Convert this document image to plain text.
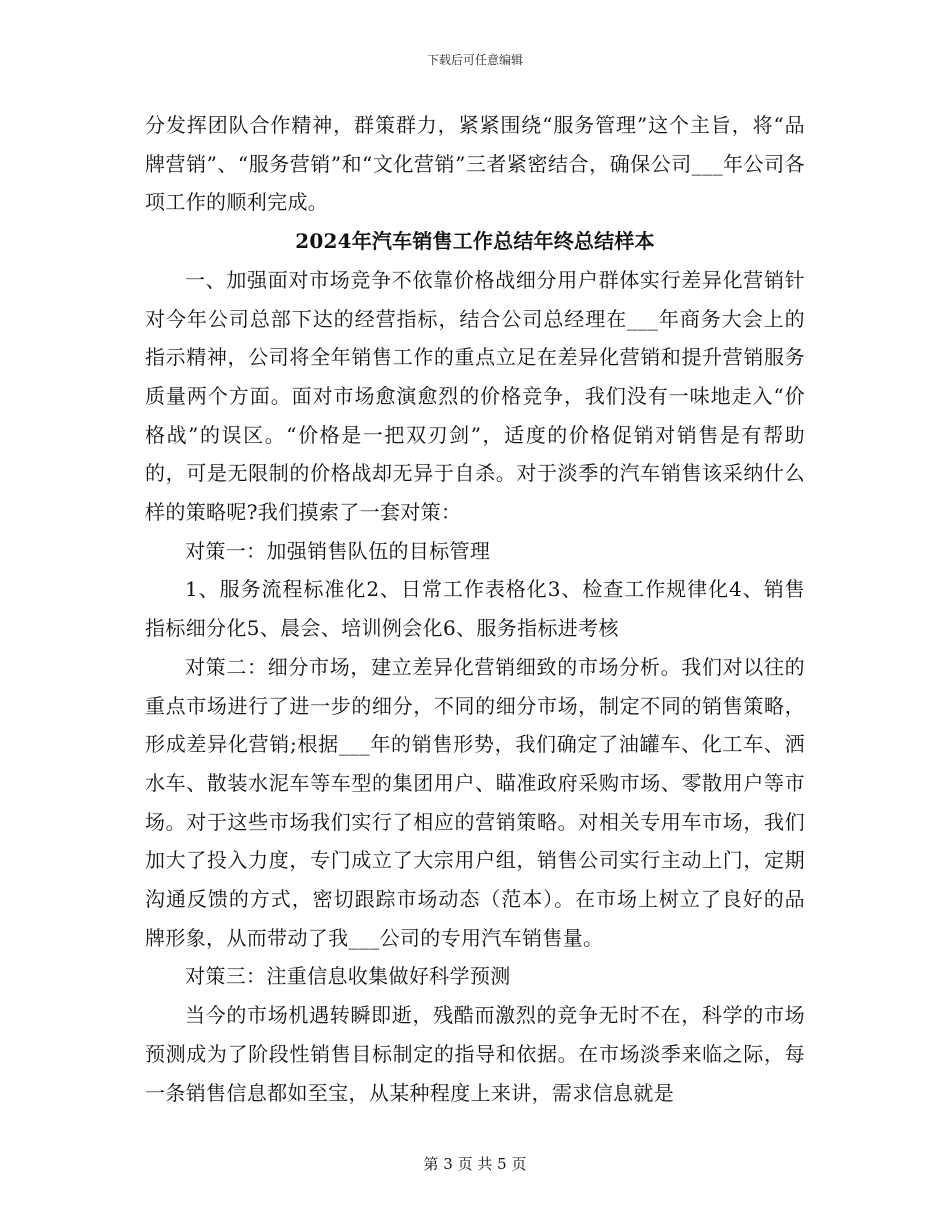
下载后可任意编辑

分发挥团队合作精神，群策群力，紧紧围绕“服务管理”这个主旨，将“品牌营销”、“服务营销”和“文化营销”三者紧密结合，确保公司___年公司各项工作的顺利完成。

2024年汽车销售工作总结年终总结样本

一、加强面对市场竞争不依靠价格战细分用户群体实行差异化营销针对今年公司总部下达的经营指标，结合公司总经理在___年商务大会上的指示精神，公司将全年销售工作的重点立足在差异化营销和提升营销服务质量两个方面。面对市场愈演愈烈的价格竞争，我们没有一味地走入“价格战”的误区。“价格是一把双刃剑”，适度的价格促销对销售是有帮助的，可是无限制的价格战却无异于自杀。对于淡季的汽车销售该采纳什么样的策略呢?我们摸索了一套对策：

对策一：加强销售队伍的目标管理

1、服务流程标准化2、日常工作表格化3、检查工作规律化4、销售指标细分化5、晨会、培训例会化6、服务指标进考核

对策二：细分市场，建立差异化营销细致的市场分析。我们对以往的重点市场进行了进一步的细分，不同的细分市场，制定不同的销售策略，形成差异化营销;根据___年的销售形势，我们确定了油罐车、化工车、洒水车、散装水泥车等车型的集团用户、瞄准政府采购市场、零散用户等市场。对于这些市场我们实行了相应的营销策略。对相关专用车市场，我们加大了投入力度，专门成立了大宗用户组，销售公司实行主动上门，定期沟通反馈的方式，密切跟踪市场动态（范本）。在市场上树立了良好的品牌形象，从而带动了我___公司的专用汽车销售量。

对策三：注重信息收集做好科学预测

当今的市场机遇转瞬即逝，残酷而激烈的竞争无时不在，科学的市场预测成为了阶段性销售目标制定的指导和依据。在市场淡季来临之际，每一条销售信息都如至宝，从某种程度上来讲，需求信息就是

第 3 页 共 5 页
